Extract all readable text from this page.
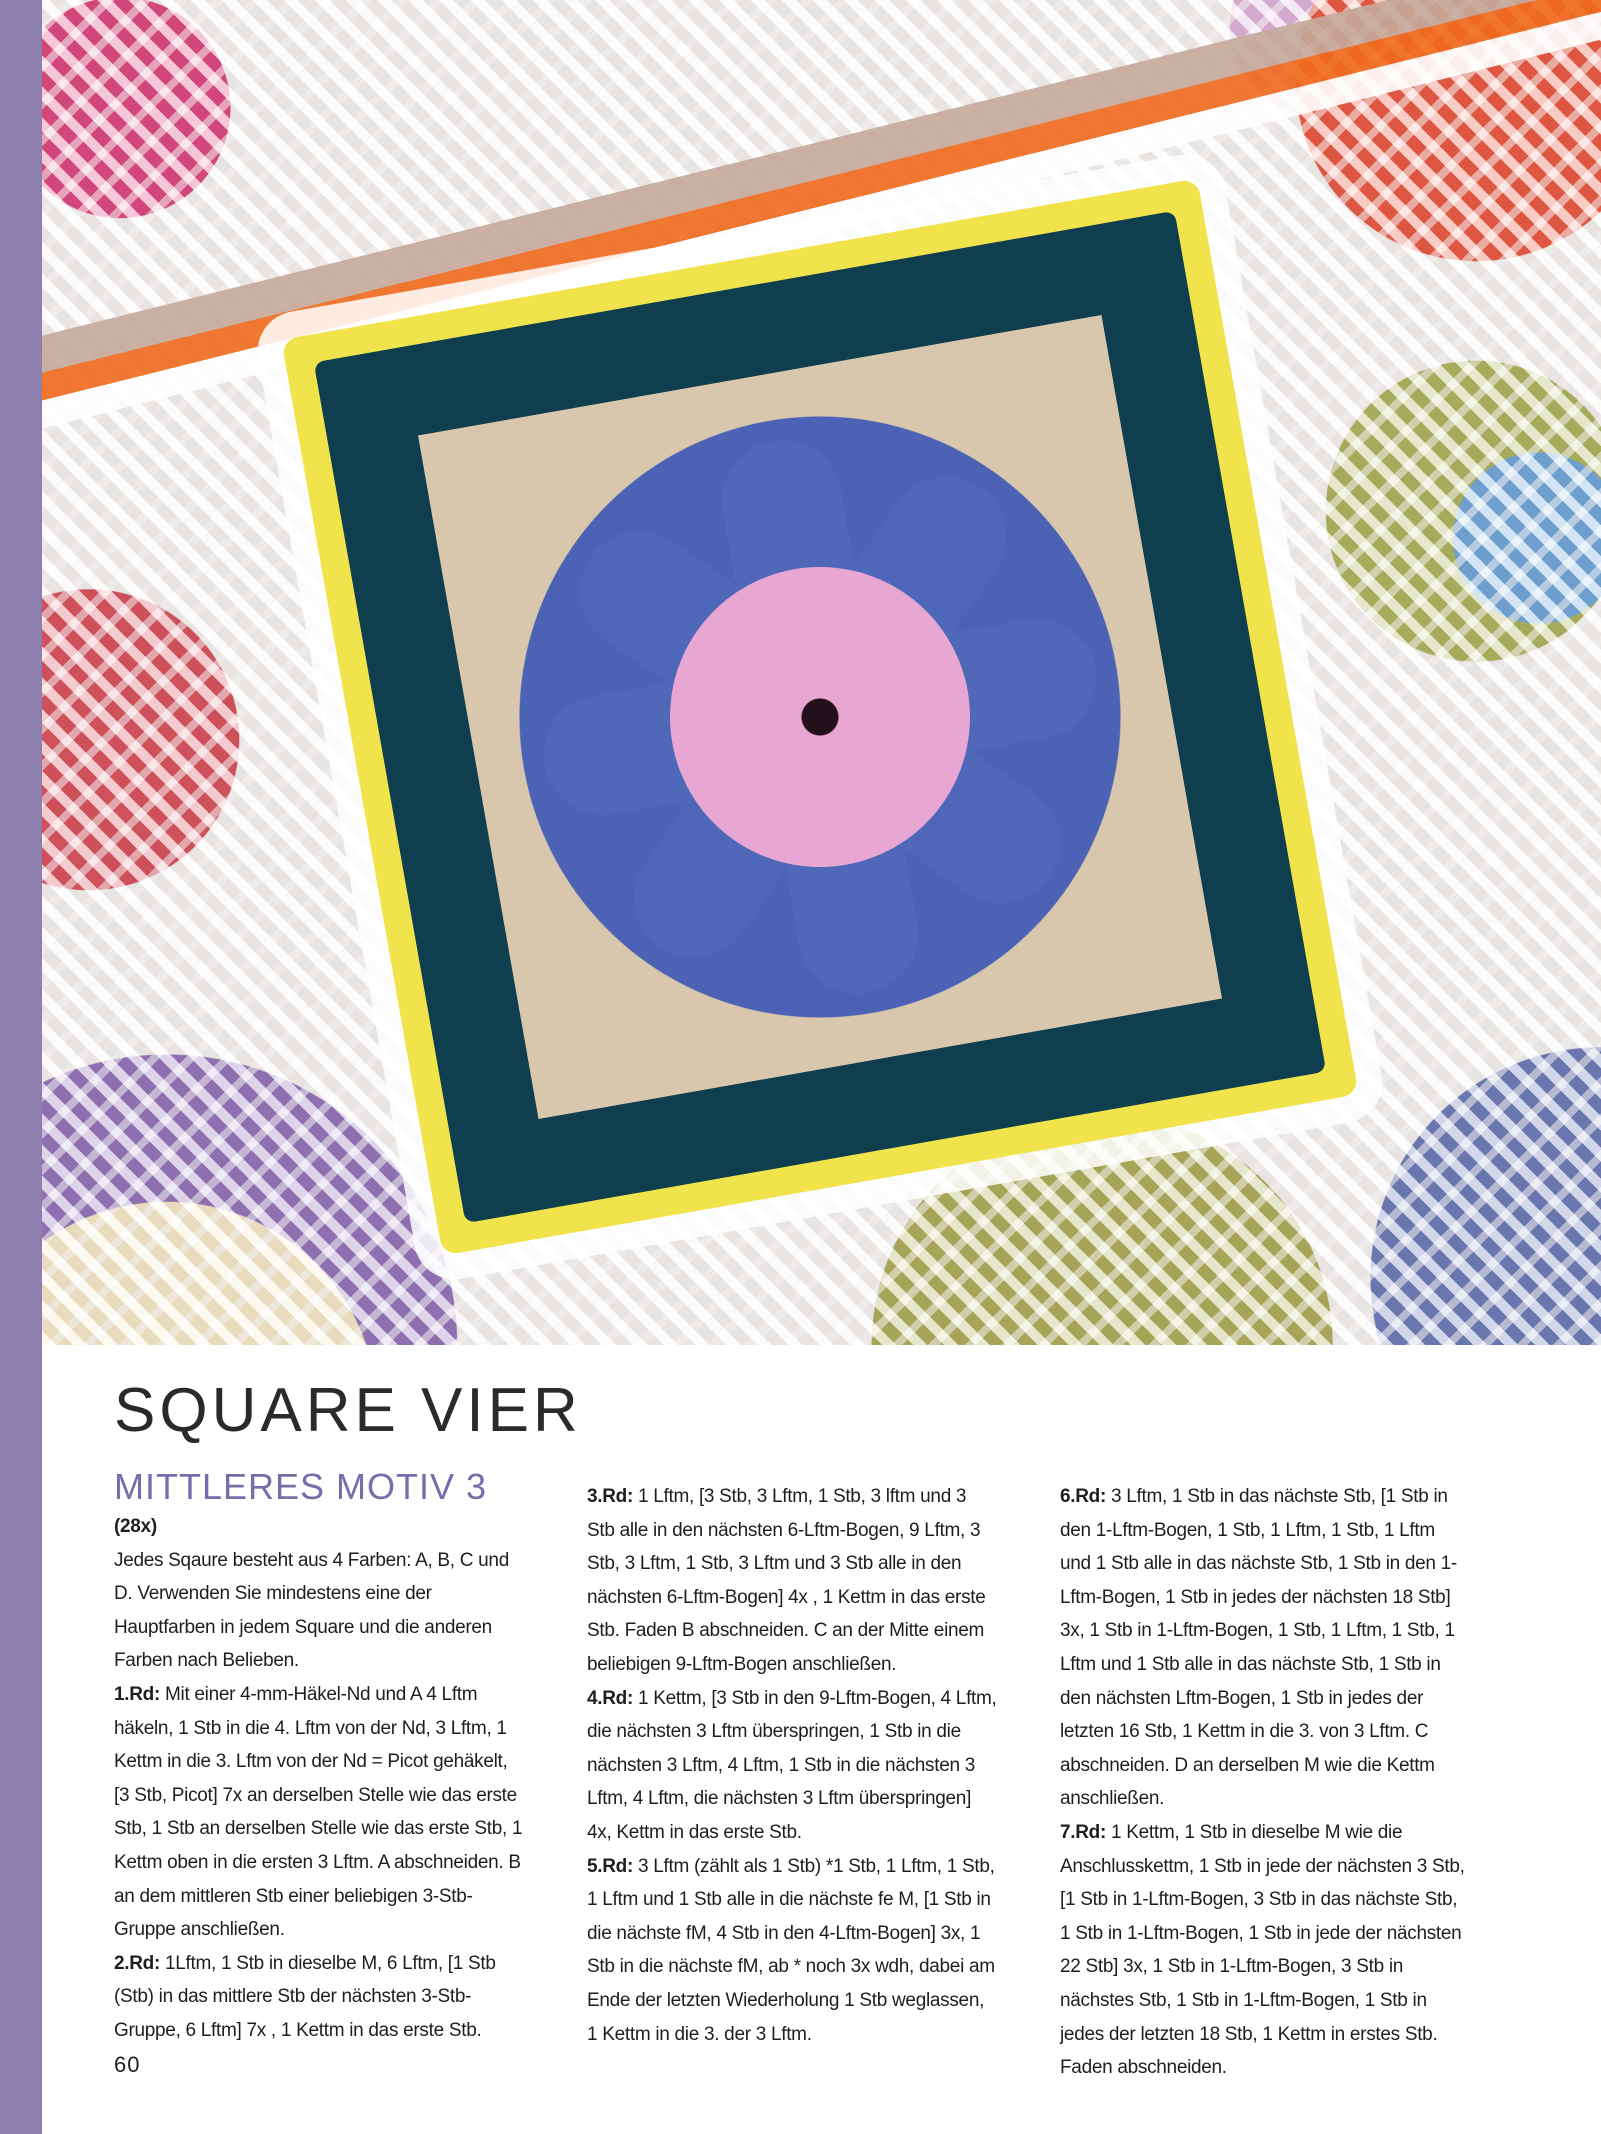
SQUARE VIER
MITTLERES MOTIV 3

(28x)

Jedes Sqaure besteht aus 4 Farben: A, B, C und D. Verwenden Sie mindestens eine der Hauptfarben in jedem Square und die anderen Farben nach Belieben.

1.Rd: Mit einer 4-mm-Häkel-Nd und A 4 Lftm häkeln, 1 Stb in die 4. Lftm von der Nd, 3 Lftm, 1 Kettm in die 3. Lftm von der Nd = Picot gehäkelt, [3 Stb, Picot] 7x an derselben Stelle wie das erste Stb, 1 Stb an derselben Stelle wie das erste Stb, 1 Kettm oben in die ersten 3 Lftm. A abschneiden. B an dem mittleren Stb einer beliebigen 3-Stb-Gruppe anschließen.

2.Rd: 1Lftm, 1 Stb in dieselbe M, 6 Lftm, [1 Stb (Stb) in das mittlere Stb der nächsten 3-Stb-Gruppe, 6 Lftm] 7x , 1 Kettm in das erste Stb.

3.Rd: 1 Lftm, [3 Stb, 3 Lftm, 1 Stb, 3 lftm und 3 Stb alle in den nächsten 6-Lftm-Bogen, 9 Lftm, 3 Stb, 3 Lftm, 1 Stb, 3 Lftm und 3 Stb alle in den nächsten 6-Lftm-Bogen] 4x , 1 Kettm in das erste Stb. Faden B abschneiden. C an der Mitte einem beliebigen 9-Lftm-Bogen anschließen.

4.Rd: 1 Kettm, [3 Stb in den 9-Lftm-Bogen, 4 Lftm, die nächsten 3 Lftm überspringen, 1 Stb in die nächsten 3 Lftm, 4 Lftm, 1 Stb in die nächsten 3 Lftm, 4 Lftm, die nächsten 3 Lftm überspringen] 4x, Kettm in das erste Stb.

5.Rd: 3 Lftm (zählt als 1 Stb) *1 Stb, 1 Lftm, 1 Stb, 1 Lftm und 1 Stb alle in die nächste fe M, [1 Stb in die nächste fM, 4 Stb in den 4-Lftm-Bogen] 3x, 1 Stb in die nächste fM, ab * noch 3x wdh, dabei am Ende der letzten Wiederholung 1 Stb weglassen, 1 Kettm in die 3. der 3 Lftm.

6.Rd: 3 Lftm, 1 Stb in das nächste Stb, [1 Stb in den 1-Lftm-Bogen, 1 Stb, 1 Lftm, 1 Stb, 1 Lftm und 1 Stb alle in das nächste Stb, 1 Stb in den 1-Lftm-Bogen, 1 Stb in jedes der nächsten 18 Stb] 3x, 1 Stb in 1-Lftm-Bogen, 1 Stb, 1 Lftm, 1 Stb, 1 Lftm und 1 Stb alle in das nächste Stb, 1 Stb in den nächsten Lftm-Bogen, 1 Stb in jedes der letzten 16 Stb, 1 Kettm in die 3. von 3 Lftm. C abschneiden. D an derselben M wie die Kettm anschließen.

7.Rd: 1 Kettm, 1 Stb in dieselbe M wie die Anschlusskettm, 1 Stb in jede der nächsten 3 Stb, [1 Stb in 1-Lftm-Bogen, 3 Stb in das nächste Stb, 1 Stb in 1-Lftm-Bogen, 1 Stb in jede der nächsten 22 Stb] 3x, 1 Stb in 1-Lftm-Bogen, 3 Stb in nächstes Stb, 1 Stb in 1-Lftm-Bogen, 1 Stb in jedes der letzten 18 Stb, 1 Kettm in erstes Stb. Faden abschneiden.

60
